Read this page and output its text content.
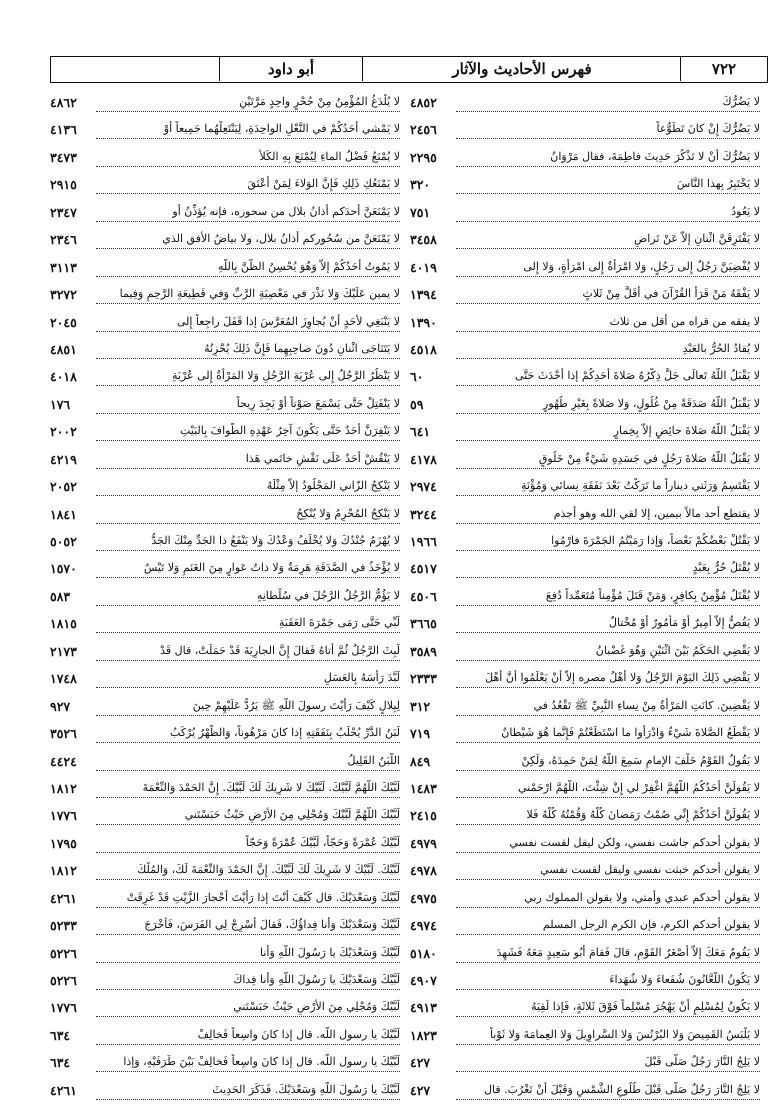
٧٢٢
فهرس الأحاديث والآثار
أبو داود
لا يَضُرُّكَ
٤٨٥٢
لا يَضُرُّكَ إِنْ كانَ تَطَوُّعاً
٢٤٥٦
لا يَضُرُّكَ أَنْ لا تَذْكُرَ حَدِيثَ فاطِمَةَ، فقال مَرْوَانُ
٢٢٩٥
لا يَخْتَبِرُ بِهذا النَّاسَ
٣٢٠
لا يَعُودُ
٧٥١
لا يَفْتَرِقَنَّ اثْنانِ إلاَّ عَنْ تَراضٍ
٣٤٥٨
لا يُفْضِيَنَّ رَجُلٌ إِلى رَجُلٍ، وَلا امْرَأَةٌ إِلى امْرَأَةٍ، وَلا إِلى
٤٠١٩
لا يَفْقَهُ مَنْ قَرَأَ القُرْآنَ في أَقَلَّ مِنْ ثَلاثٍ
١٣٩٤
لا يفقه من قراه من أقل من ثلاث
١٣٩٠
لا يُقادُ الحُرُّ بالعَبْدِ
٤٥١٨
لا يَقْبَلُ اللَّهُ تَعالَى جَلَّ ذِكْرُهُ صَلاةَ أَحَدِكُمْ إذا أَحْدَثَ حَتَّى
٦٠
لا يَقْبَلُ اللَّهُ صَدَقَةً مِنْ غُلُولٍ، وَلا صَلاةً بِغَيْرِ طُهُورٍ
٥٩
لا يَقْبَلُ اللَّهُ صَلاةَ حائِضٍ إلاَّ بِخِمارٍ
٦٤١
لا يَقْبَلُ اللَّهُ صَلاةَ رَجُلٍ في جَسَدِهِ شَيْءٌ مِنْ خَلُوقٍ
٤١٧٨
لا يَقْتَسِمُ وَرَثَتي ديناراً ما تَرَكْتُ بَعْدَ نَفَقَةِ نِسائي وَمُؤْنَةِ
٢٩٧٤
لا يقتطع أحد مالاً بيمين، إلا لقي الله وهو أجذم
٣٢٤٤
لا يَقْتُلْ بَعْضُكُمْ بَعْضاً، وَإذا رَمَيْتُمُ الجَمْرَةَ فارْمُوا
١٩٦٦
لا يُقْتَلُ حُرٌّ بِعَبْدٍ
٤٥١٧
لا يُقْتَلُ مُؤْمِنٌ بِكافِرٍ، وَمَنْ قَتَلَ مُؤْمِناً مُتَعَمِّداً دُفِعَ
٤٥٠٦
لا يَقُصُّ إلاَّ أَمِيرٌ أَوْ مَأْمُورٌ أَوْ مُخْتالٌ
٣٦٦٥
لا يَقْضِي الحَكَمُ بَيْنَ اثْنَيْنِ وَهُوَ غَضْبانُ
٣٥٨٩
لا يَقْضِي ذَلِكَ اليَوْمَ الرَّجُلُ وَلا أَهْلُ مصره إلاَّ أَنْ يَعْلَمُوا أَنَّ أَهْلَ
٢٣٣٣
لا يَقْضِينَ. كانَتِ المَرْأَةُ مِنْ نِساءِ النَّبِيِّ ﷺ تَقْعُدُ في
٣١٢
لا يَقْطَعُ الصَّلاةَ شَيْءٌ وَادْرَأُوا ما اسْتَطَعْتُمْ فَإِنَّما هُوَ شَيْطانٌ
٧١٩
لا يَقُولُ القَوْمُ خَلْفَ الإمامِ سَمِعَ اللَّهُ لِمَنْ حَمِدَهُ، وَلَكِنْ
٨٤٩
لا يَقُولَنَّ أَحَدُكُمُ اللَّهُمَّ اغْفِرْ لي إِنْ شِئْتَ، اللَّهُمَّ ارْحَمْني
١٤٨٣
لا يَقُولَنَّ أَحَدُكُمْ إِنِّي صُمْتُ رَمَضانَ كُلَّهُ وَقُمْتُهُ كُلَّهُ فَلا
٢٤١٥
لا يقولن أحدكم جاشت نفسي، ولكن ليقل لقست نفسي
٤٩٧٩
لا يقولن أحدكم خبثت نفسي وليقل لقست نفسي
٤٩٧٨
لا يقولن أحدكم عبدي وأمتي، ولا يقولن المملوك ربي
٤٩٧٥
لا يقولن أحدكم الكرم، فإن الكرم الرجل المسلم
٤٩٧٤
لا يَقُومُ مَعَكَ إلاَّ أَصْغَرُ القَوْمِ، قالَ فَقامَ أَبُو سَعِيدٍ مَعَهُ فَشَهِدَ
٥١٨٠
لا يَكُونُ اللَّعَّانُونَ شُفَعاءَ وَلا شُهَداءَ
٤٩٠٧
لا يَكُونُ لِمُسْلِمٍ أَنْ يَهْجُرَ مُسْلِماً فَوْقَ ثَلاثَةٍ، فَإذا لَقِيَهُ
٤٩١٣
لا يَلْبَسُ القَمِيصَ وَلا البُرْنُسَ وَلا السَّراوِيلَ وَلا العِمامَةَ وَلا ثَوْباً
١٨٢٣
لا يَلِجُ النَّارَ رَجُلٌ صَلَّى قَبْلَ
٤٢٧
لا يَلِجُ النَّارَ رَجُلٌ صَلَّى قَبْلَ طُلُوعِ الشَّمْسِ وَقَبْلَ أَنْ تَغْرُبَ. قال
٤٢٧
لا يُلْدَغُ المُؤْمِنُ مِنْ جُحْرٍ واحِدٍ مَرَّتَيْنِ
٤٨٦٢
لا يَمْشي أَحَدُكُمْ في النَّعْلِ الواحِدَةِ، لِيَنْتَعِلْهُما جَمِيعاً أَوْ
٤١٣٦
لا يُمْنَعُ فَضْلُ الماءِ لِيُمْنَعَ بِهِ الكَلأُ
٣٤٧٣
لا يَمْنَعُكِ ذَلِكِ فَإِنَّ الوَلاءَ لِمَنْ أَعْتَقَ
٢٩١٥
لا يَمْنَعَنَّ أحدَكم أذانُ بلال من سحوره، فإنه يُؤذِّنُ أو
٢٣٤٧
لا يَمْنَعَنَّ من سُحُوركم أذانُ بلال، ولا بياضُ الأفق الذي
٢٣٤٦
لا يَمُوتُ أَحَدُكُمْ إلاَّ وَهُوَ يُحْسِنُ الظَّنَّ بِاللَّهِ
٣١١٣
لا يمين عَلَيْكَ وَلا نَذْرَ في مَعْصِيَةِ الرَّبِّ وَفي قَطِيعَةِ الرَّحِمِ وَفِيما
٣٢٧٢
لا يَنْبَغِي لأَحَدٍ أَنْ يُجاوِزَ المُعَرَّسَ إذا قَفَلَ راجِعاً إِلى
٢٠٤٥
لا يَتَنَاجَى اثْنانِ دُونَ صاحِبِهِما فَإِنَّ ذَلِكَ يُحْزِنُهُ
٤٨٥١
لا يَنْظُرُ الرَّجُلُ إِلى عُرْيَةِ الرَّجُلِ وَلا المَرْأَةُ إِلى عُرْيَةِ
٤٠١٨
لا يَنْفَتِلْ حَتَّى يَسْمَعَ صَوْتاً أَوْ يَجِدَ رِيحاً
١٧٦
لا يَنْفِرَنَّ أَحَدٌ حَتَّى يَكُونَ آخِرُ عَهْدِهِ الطَّوافَ بِالبَيْتِ
٢٠٠٢
لا يَنْقُشْ أَحَدٌ عَلَى نَقْشِ خاتَمي هَذا
٤٢١٩
لا يَنْكِحُ الزّاني المَجْلُودُ إلاَّ مِثْلَهُ
٢٠٥٢
لا يَنْكِحُ المُحْرِمُ وَلا يُنْكِحُ
١٨٤١
لا يُهْزَمُ جُنْدُكَ وَلا يُخْلَفُ وَعْدُكَ وَلا يَنْفَعُ ذا الجَدِّ مِنْكَ الجَدُّ
٥٠٥٢
لا يُؤْخَذُ في الصَّدَقَةِ هَرِمَةٌ وَلا ذاتُ عَوارٍ مِنَ الغَنَمِ وَلا تَيْسٌ
١٥٧٠
لا يَؤُمُّ الرَّجُلُ الرَّجُلَ في سُلْطانِهِ
٥٨٣
لَبِّي حَتَّى رَمَى جَمْرَةَ العَقَبَةِ
١٨١٥
لَبِثَ الرَّجُلُ ثُمَّ أَتاهُ فَقالَ إِنَّ الجارِيَةَ قَدْ حَمَلَتْ، قال قَدْ
٢١٧٣
لَبَّدَ رَأْسَهُ بِالعَسَلِ
١٧٤٨
لِبِلالٍ كَيْفَ رَأَيْتَ رسولَ اللَّهِ ﷺ يَرُدُّ عَلَيْهِمْ حِينَ
٩٢٧
لَبَنُ الدَّرِّ يُحْلَبُ بِنَفَقَتِهِ إذا كانَ مَرْهُوناً، وَالظَّهْرُ يُرْكَبُ
٣٥٢٦
اللَّبَنُ القَلِيلُ
٤٤٢٤
لَبَّيْكَ اللَّهُمَّ لَبَّيْكَ. لَبَّيْكَ لا شَرِيكَ لَكَ لَبَّيْكَ. إِنَّ الحَمْدَ وَالنِّعْمَةَ
١٨١٢
لَبَّيْكَ اللَّهُمَّ لَبَّيْكَ وَمُجْلِي مِنَ الأَرْضِ حَيْثُ حَبَسْتَني
١٧٧٦
لَبَّيْكَ عُمْرَةً وَحَجّاً، لَبَّيْكَ عُمْرَةً وَحَجّاً
١٧٩٥
لَبَّيْكَ. لَبَّيْكَ لا شَرِيكَ لَكَ لَبَّيْكَ. إِنَّ الحَمْدَ وَالنِّعْمَةَ لَكَ، وَالمُلْكَ
١٨١٢
لَبَّيْكَ وَسَعْدَيْكَ. قال كَيْفَ أَنْتَ إذا رَأَيْتَ أَحْجارَ الزَّيْتِ قَدْ غَرِقَتْ
٤٢٦١
لَبَّيْكَ وَسَعْدَيْكَ وَأَنا فِداؤُكَ، فَقالَ أَسْرِجْ لِي الفَرَسَ، فَأَخْرَجَ
٥٢٣٣
لَبَّيْكَ وَسَعْدَيْكَ يا رَسُولَ اللَّهِ وَأَنا
٥٢٢٦
لَبَّيْكَ وَسَعْدَيْكَ يا رَسُولَ اللَّهِ وَأَنا فِداكَ
٥٢٢٦
لَبَّيْكَ وَمُجْلِي مِنَ الأَرْضِ حَيْثُ حَبَسْتَني
١٧٧٦
لَبَّيْكَ يا رسول اللَّه. قال إذا كانَ واسِعاً فَخالِفْ
٦٣٤
لَبَّيْكَ يا رسول اللَّه. قال إذا كانَ واسِعاً فَخالِفْ بَيْنَ طَرَفَيْهِ، وَإذا
٦٣٤
لَبَّيْكَ يا رَسُولَ اللَّهِ وَسَعْدَيْكَ. فَذَكَرَ الحَدِيثَ
٤٢٦١
